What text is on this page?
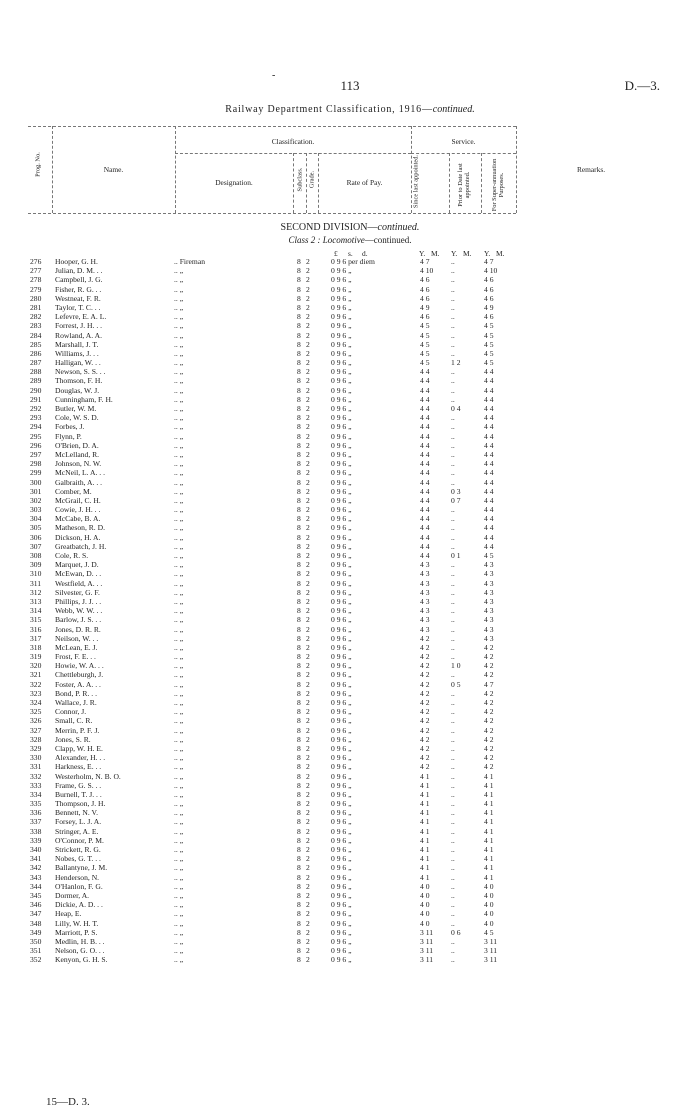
-
113	D.—3.
Railway Department Classification, 1916—continued.
Prog. No.	Name.
Classification.
Designation.	Subclass. Grade.	Rate of Pay.
Service.
Since last appointed.	Prior to Date last appointed.	For Super-annuation Purposes.
Remarks.
SECOND DIVISION—continued.
Class 2 : Locomotive—continued.
£ s. d.	Y. M. Y. M. Y. M.
276 Hooper, G. H.	.. Fireman	8 2	0 9 6 per diem	4 7	..	4 7
277 Julian, D. M. . .	.. „	8 2	0 9 6 „	4 10 ..	4 10
278 Campbell, J. G.	.. „	8 2	0 9 6 „	4 6	..	4 6
279 Fisher, R. G. . .	.. „	8 2	0 9 6 „	4 6	..	4 6
280 Westneat, F. R.	.. „	8 2	0 9 6 „	4 6	..	4 6
281 Taylor, T. C. . .	.. „	8 2	0 9 6 „	4 9	..	4 9
282 Lefevre, E. A. L.	.. „	8 2	0 9 6 „	4 6	..	4 6
283 Forrest, J. H. . .	.. „	8 2	0 9 6 „	4 5	..	4 5
284 Rowland, A. A.	.. „	8 2	0 9 6 „	4 5	..	4 5
285 Marshall, J. T.	.. „	8 2	0 9 6 „	4 5	..	4 5
286 Williams, J. . .	.. „	8 2	0 9 6 „	4 5	..	4 5
287 Halligan, W. . .	.. „	8 2	0 9 6 „	4 5	1 2	4 5
288 Newson, S. S. . .	.. „	8 2	0 9 6 „	4 4	..	4 4
289 Thomson, F. H.	.. „	8 2	0 9 6 „	4 4	..	4 4
290 Douglas, W. J.	.. „	8 2	0 9 6 „	4 4	..	4 4
291 Cunningham, F. H.	.. „	8 2	0 9 6 „	4 4	..	4 4
292 Butler, W. M.	.. „	8 2	0 9 6 „	4 4	0 4	4 4
293 Cole, W. S. D.	.. „	8 2	0 9 6 „	4 4	..	4 4
294 Forbes, J.	.. „	8 2	0 9 6 „	4 4	..	4 4
295 Flynn, P.	.. „	8 2	0 9 6 „	4 4	..	4 4
296 O'Brien, D. A.	.. „	8 2	0 9 6 „	4 4	..	4 4
297 McLelland, R.	.. „	8 2	0 9 6 „	4 4	..	4 4
298 Johnson, N. W.	.. „	8 2	0 9 6 „	4 4	..	4 4
299 McNeil, L. A. . .	.. „	8 2	0 9 6 „	4 4	..	4 4
300 Galbraith, A. . .	.. „	8 2	0 9 6 „	4 4	..	4 4
301 Comber, M.	.. „	8 2	0 9 6 „	4 4	0 3	4 4
302 McGrail, C. H.	.. „	8 2	0 9 6 „	4 4	0 7	4 4
303 Cowie, J. H. . .	.. „	8 2	0 9 6 „	4 4	..	4 4
304 McCabe, B. A.	.. „	8 2	0 9 6 „	4 4	..	4 4
305 Matheson, R. D.	.. „	8 2	0 9 6 „	4 4	..	4 4
306 Dickson, H. A.	.. „	8 2	0 9 6 „	4 4	..	4 4
307 Greatbatch, J. H.	.. „	8 2	0 9 6 „	4 4	..	4 4
308 Cole, R. S.	.. „	8 2	0 9 6 „	4 4	0 1	4 5
309 Marquet, J. D.	.. „	8 2	0 9 6 „	4 3	..	4 3
310 McEwan, D. . .	.. „	8 2	0 9 6 „	4 3	..	4 3
311 Westfield, A. . .	.. „	8 2	0 9 6 „	4 3	..	4 3
312 Silvester, G. F.	.. „	8 2	0 9 6 „	4 3	..	4 3
313 Phillips, J. J. . .	.. „	8 2	0 9 6 „	4 3	..	4 3
314 Webb, W. W. . .	.. „	8 2	0 9 6 „	4 3	..	4 3
315 Barlow, J. S. . .	.. „	8 2	0 9 6 „	4 3	..	4 3
316 Jones, D. R. R.	.. „	8 2	0 9 6 „	4 3	..	4 3
317 Neilson, W. . .	.. „	8 2	0 9 6 „	4 2	..	4 3
318 McLean, E. J.	.. „	8 2	0 9 6 „	4 2	..	4 2
319 Frost, F. E. . .	.. „	8 2	0 9 6 „	4 2	..	4 2
320 Howie, W. A. . .	.. „	8 2	0 9 6 „	4 2	1 0	4 2
321 Chettleburgh, J.	.. „	8 2	0 9 6 „	4 2	..	4 2
322 Foster, A. A. . .	.. „	8 2	0 9 6 „	4 2	0 5	4 7
323 Bond, P. R. . .	.. „	8 2	0 9 6 „	4 2	..	4 2
324 Wallace, J. R.	.. „	8 2	0 9 6 „	4 2	..	4 2
325 Connor, J.	.. „	8 2	0 9 6 „	4 2	..	4 2
326 Small, C. R.	.. „	8 2	0 9 6 „	4 2	..	4 2
327 Merrin, P. F. J.	.. „	8 2	0 9 6 „	4 2	..	4 2
328 Jones, S. R.	.. „	8 2	0 9 6 „	4 2	..	4 2
329 Clapp, W. H. E.	.. „	8 2	0 9 6 „	4 2	..	4 2
330 Alexander, H. . .	.. „	8 2	0 9 6 „	4 2	..	4 2
331 Harkness, E. . .	.. „	8 2	0 9 6 „	4 2	..	4 2
332 Westerholm, N. B. O.	.. „	8 2	0 9 6 „	4 1	..	4 1
333 Frame, G. S. . .	.. „	8 2	0 9 6 „	4 1	..	4 1
334 Burnell, T. J. . .	.. „	8 2	0 9 6 „	4 1	..	4 1
335 Thompson, J. H.	.. „	8 2	0 9 6 „	4 1	..	4 1
336 Bennett, N. V.	.. „	8 2	0 9 6 „	4 1	..	4 1
337 Forsey, L. J. A.	.. „	8 2	0 9 6 „	4 1	..	4 1
338 Stringer, A. E.	.. „	8 2	0 9 6 „	4 1	..	4 1
339 O'Connor, P. M.	.. „	8 2	0 9 6 „	4 1	..	4 1
340 Strickett, R. G.	.. „	8 2	0 9 6 „	4 1	..	4 1
341 Nobes, G. T. . .	.. „	8 2	0 9 6 „	4 1	..	4 1
342 Ballantyne, J. M.	.. „	8 2	0 9 6 „	4 1	..	4 1
343 Henderson, N.	.. „	8 2	0 9 6 „	4 1	..	4 1
344 O'Hanlon, F. G.	.. „	8 2	0 9 6 „	4 0	..	4 0
345 Dormer, A.	.. „	8 2	0 9 6 „	4 0	..	4 0
346 Dickie, A. D. . .	.. „	8 2	0 9 6 „	4 0	..	4 0
347 Heap, E.	.. „	8 2	0 9 6 „	4 0	..	4 0
348 Lilly, W. H. T.	.. „	8 2	0 9 6 „	4 0	..	4 0
349 Marriott, P. S.	.. „	8 2	0 9 6 „	3 11 0 6	4 5
350 Medlin, H. B. . .	.. „	8 2	0 9 6 „	3 11 ..	3 11
351 Nelson, G. O. . .	.. „	8 2	0 9 6 „	3 11 ..	3 11
352 Kenyon, G. H. S.	.. „	8 2	0 9 6 „	3 11 ..	3 11
15—D. 3.
